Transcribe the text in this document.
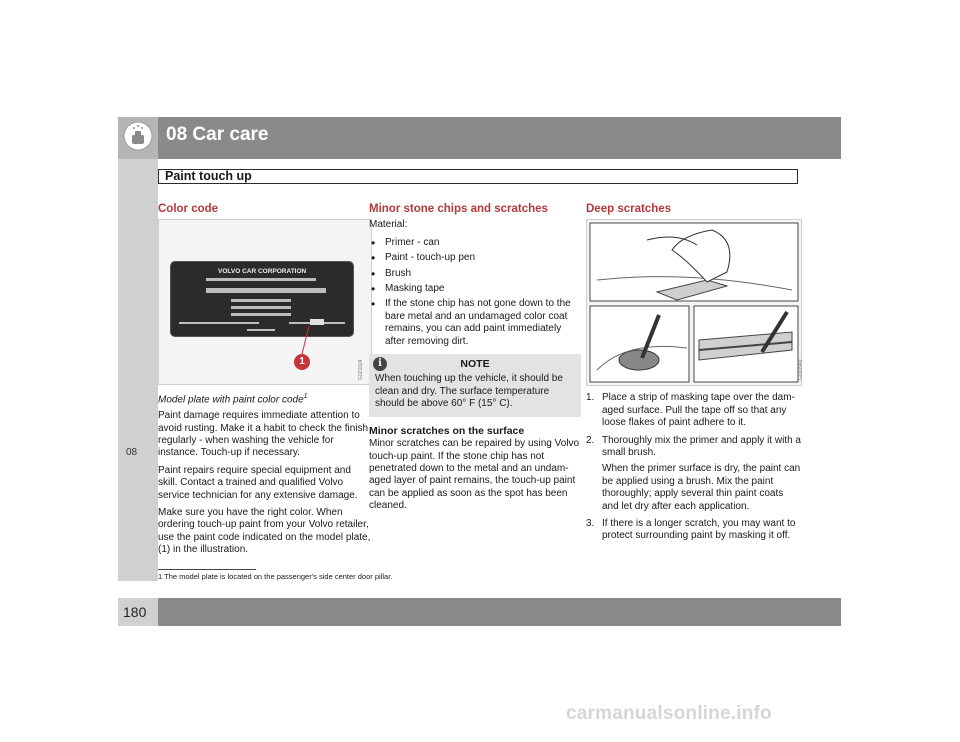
08 Car care
Paint touch up
08
Color code
VOLVO CAR CORPORATION
1	G021024
Model plate with paint color code$^1$

Paint damage requires immediate attention to avoid rusting. Make it a habit to check the finish regularly - when washing the vehicle for instance. Touch-up if necessary.

Paint repairs require special equipment and skill. Contact a trained and qualified Volvo service technician for any extensive damage.

Make sure you have the right color. When ordering touch-up paint from your Volvo retailer, use the paint code indicated on the model plate, (1) in the illustration.

Minor stone chips and scratches

Material:

• Primer - can
• Paint - touch-up pen
• Brush
• Masking tape
• If the stone chip has not gone down to the bare metal and an undamaged color coat remains, you can add paint immediately after removing dirt.
i	NOTE
When touching up the vehicle, it should be clean and dry. The surface temperature should be above 60° F (15° C).
Minor scratches on the surface

Minor scratches can be repaired by using Volvo touch-up paint. If the stone chip has not penetrated down to the metal and an undam-aged layer of paint remains, the touch-up paint can be applied as soon as the spot has been cleaned.

Deep scratches
G020949
1. Place a strip of masking tape over the dam-aged surface. Pull the tape off so that any loose flakes of paint adhere to it.
2. Thoroughly mix the primer and apply it with a small brush.
When the primer surface is dry, the paint can be applied using a brush. Mix the paint thoroughly; apply several thin paint coats and let dry after each application.
3. If there is a longer scratch, you may want to protect surrounding paint by masking it off.
1 The model plate is located on the passenger's side center door pillar.
180
carmanualsonline.info
